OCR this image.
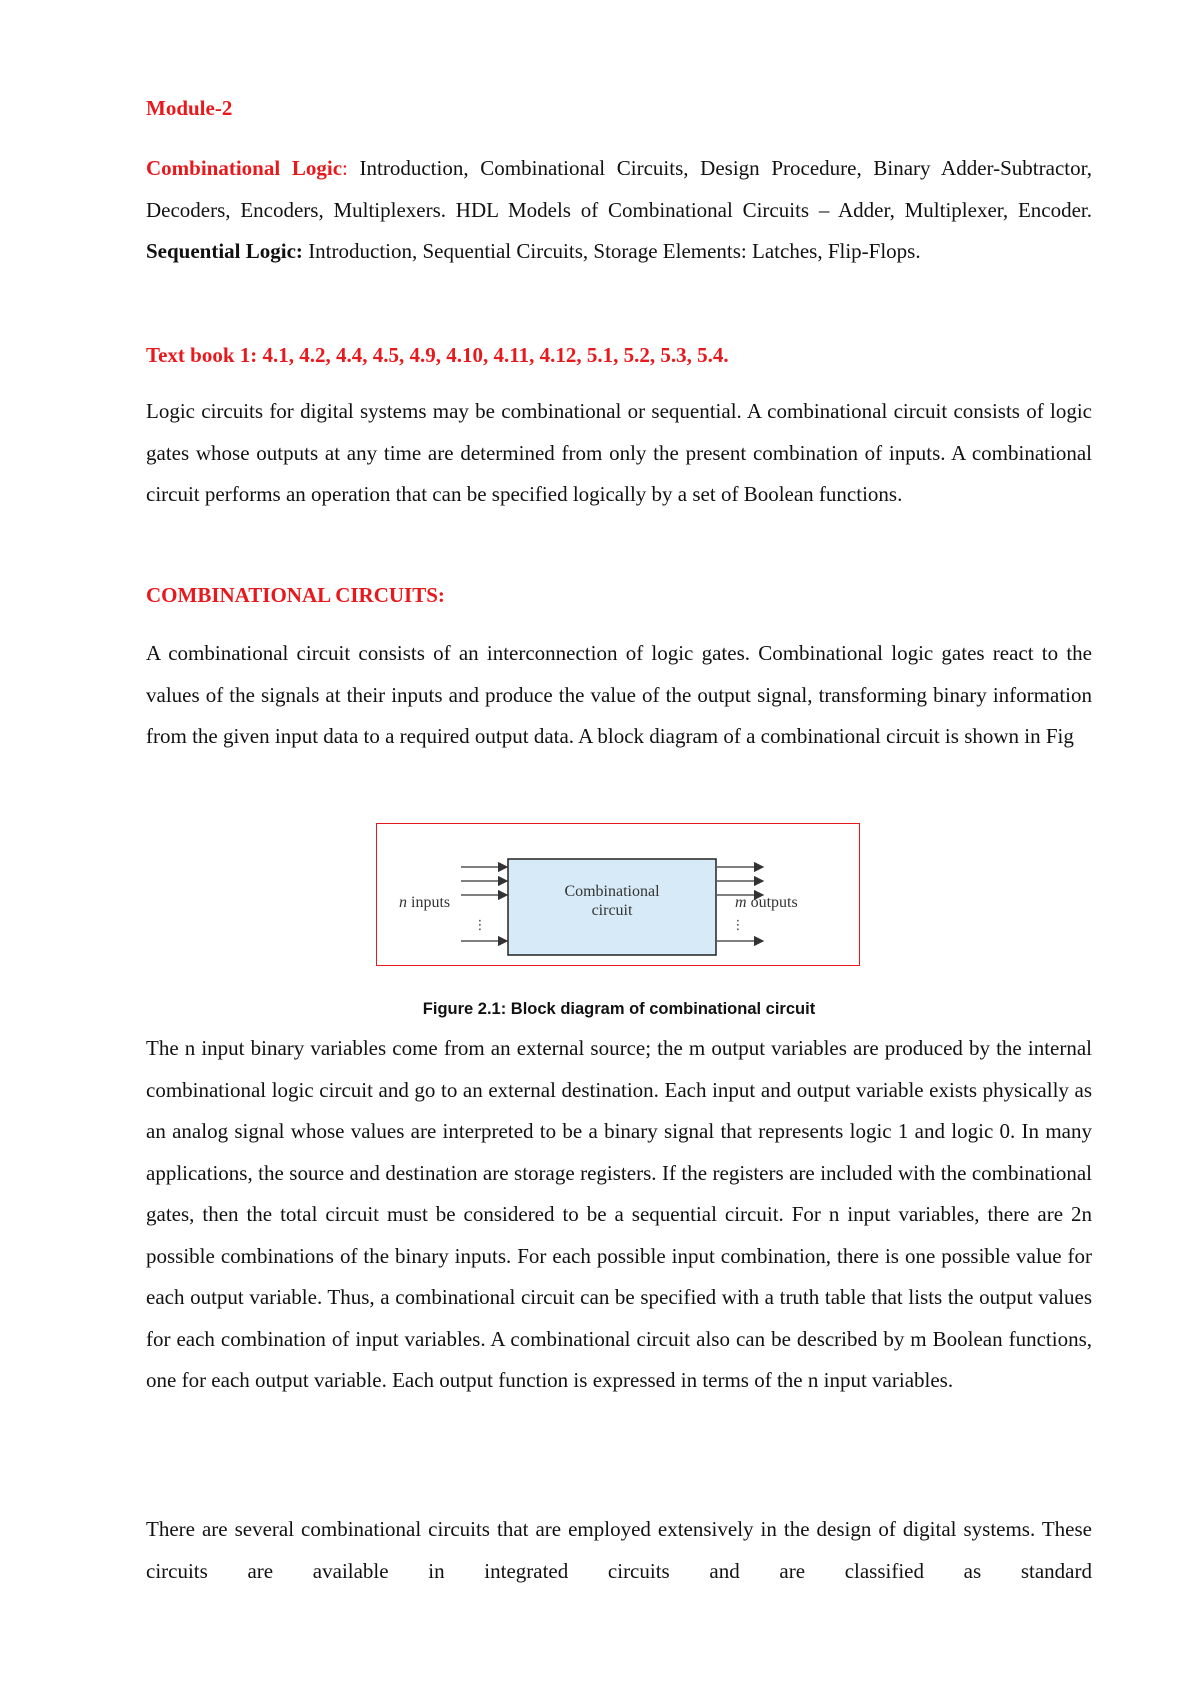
Module-2

Combinational Logic: Introduction, Combinational Circuits, Design Procedure, Binary Adder-Subtractor, Decoders, Encoders, Multiplexers. HDL Models of Combinational Circuits – Adder, Multiplexer, Encoder. Sequential Logic: Introduction, Sequential Circuits, Storage Elements: Latches, Flip-Flops.

Text book 1: 4.1, 4.2, 4.4, 4.5, 4.9, 4.10, 4.11, 4.12, 5.1, 5.2, 5.3, 5.4.

Logic circuits for digital systems may be combinational or sequential. A combinational circuit consists of logic gates whose outputs at any time are determined from only the present combination of inputs. A combinational circuit performs an operation that can be specified logically by a set of Boolean functions.

COMBINATIONAL CIRCUITS:

A combinational circuit consists of an interconnection of logic gates. Combinational logic gates react to the values of the signals at their inputs and produce the value of the output signal, transforming binary information from the given input data to a required output data. A block diagram of a combinational circuit is shown in Fig

Combinational
circuit
n inputs	m outputs
⋮	⋮
Figure 2.1: Block diagram of combinational circuit

The n input binary variables come from an external source; the m output variables are produced by the internal combinational logic circuit and go to an external destination. Each input and output variable exists physically as an analog signal whose values are interpreted to be a binary signal that represents logic 1 and logic 0. In many applications, the source and destination are storage registers. If the registers are included with the combinational gates, then the total circuit must be considered to be a sequential circuit. For n input variables, there are 2n possible combinations of the binary inputs. For each possible input combination, there is one possible value for each output variable. Thus, a combinational circuit can be specified with a truth table that lists the output values for each combination of input variables. A combinational circuit also can be described by m Boolean functions, one for each output variable. Each output function is expressed in terms of the n input variables.

There are several combinational circuits that are employed extensively in the design of digital systems. These circuits are available in integrated circuits and are classified as standard
